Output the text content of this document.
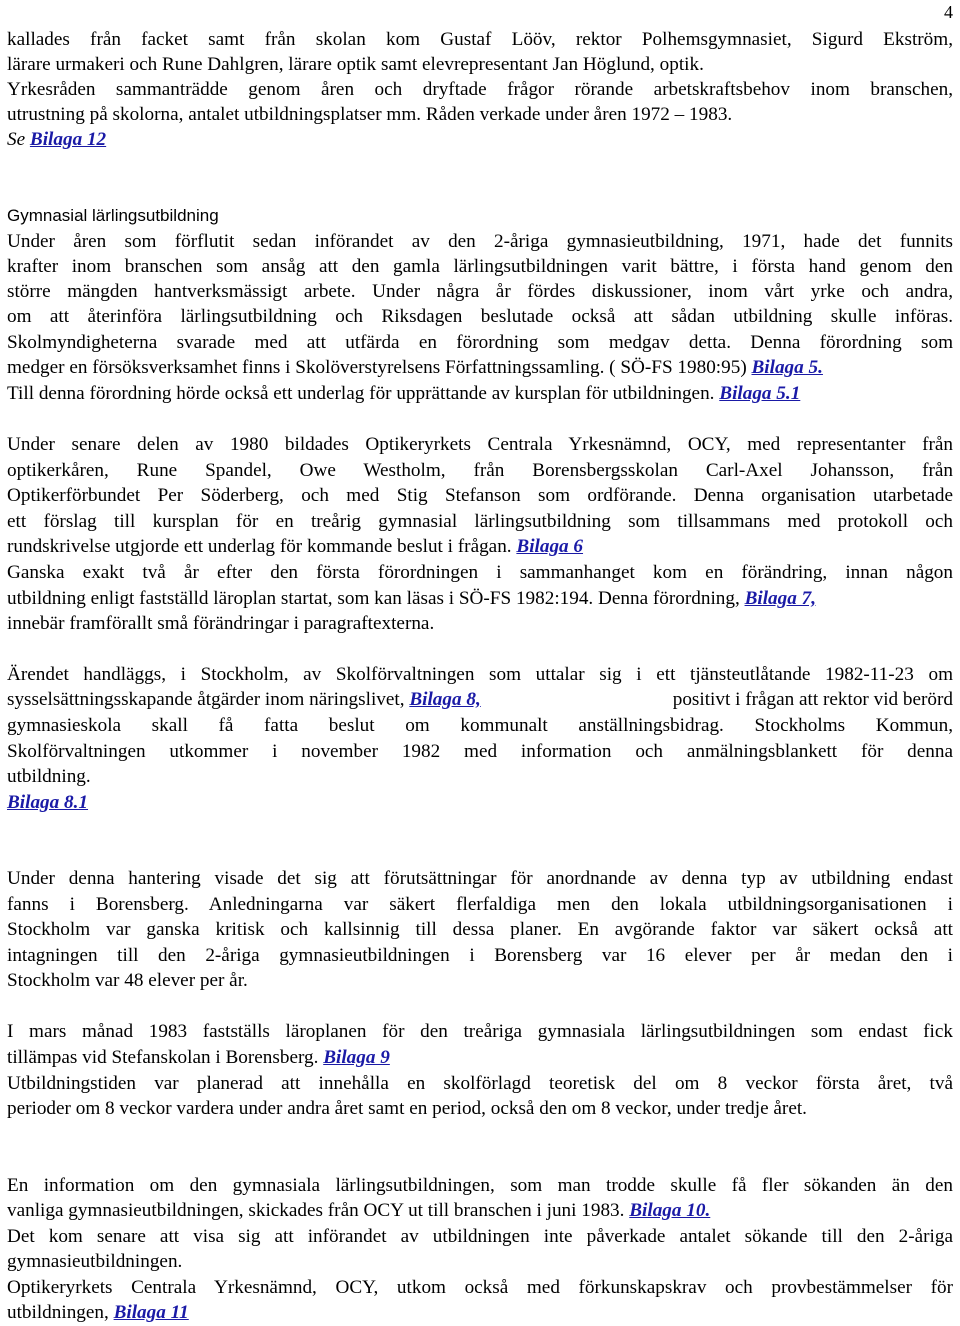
4
kallades från facket samt från skolan kom Gustaf Lööv, rektor Polhemsgymnasiet, Sigurd Ekström,
lärare urmakeri och Rune Dahlgren, lärare optik samt elevrepresentant Jan Höglund, optik.
Yrkesråden sammanträdde genom åren och dryftade frågor rörande arbetskraftsbehov inom branschen,
utrustning på skolorna, antalet utbildningsplatser mm. Råden verkade under åren 1972 – 1983.
Se Bilaga 12
Gymnasial lärlingsutbildning
Under åren som förflutit sedan införandet av den 2-åriga gymnasieutbildning, 1971, hade det funnits
krafter inom branschen som ansåg att den gamla lärlingsutbildningen varit bättre, i första hand genom den
större mängden hantverksmässigt arbete. Under några år fördes diskussioner, inom vårt yrke och andra,
om att återinföra lärlingsutbildning och Riksdagen beslutade också att sådan utbildning skulle införas.
Skolmyndigheterna svarade med att utfärda en förordning som medgav detta. Denna förordning som
medger en försöksverksamhet finns i Skolöverstyrelsens Författningssamling. ( SÖ-FS 1980:95) Bilaga 5.
Till denna förordning hörde också ett underlag för upprättande av kursplan för utbildningen. Bilaga 5.1
Under senare delen av 1980 bildades Optikeryrkets Centrala Yrkesnämnd, OCY, med representanter från
optikerkåren, Rune Spandel, Owe Westholm, från Borensbergsskolan Carl-Axel Johansson, från
Optikerförbundet Per Söderberg, och med Stig Stefanson som ordförande. Denna organisation utarbetade
ett förslag till kursplan för en treårig gymnasial lärlingsutbildning som tillsammans med protokoll och
rundskrivelse utgjorde ett underlag för kommande beslut i frågan. Bilaga 6
Ganska exakt två år efter den första förordningen i sammanhanget kom en förändring, innan någon
utbildning enligt fastställd läroplan startat, som kan läsas i SÖ-FS 1982:194. Denna förordning, Bilaga 7,
innebär framförallt små förändringar i paragraftexterna.
Ärendet handläggs, i Stockholm, av Skolförvaltningen som uttalar sig i ett tjänsteutlåtande 1982-11-23 om
sysselsättningsskapande åtgärder inom näringslivet, Bilaga 8,	positivt i frågan att rektor vid berörd
gymnasieskola skall få fatta beslut om kommunalt anställningsbidrag. Stockholms Kommun,
Skolförvaltningen utkommer i november 1982 med information och anmälningsblankett för denna
utbildning.
Bilaga 8.1
Under denna hantering visade det sig att förutsättningar för anordnande av denna typ av utbildning endast
fanns i Borensberg. Anledningarna var säkert flerfaldiga men den lokala utbildningsorganisationen i
Stockholm var ganska kritisk och kallsinnig till dessa planer. En avgörande faktor var säkert också att
intagningen till den 2-åriga gymnasieutbildningen i Borensberg var 16 elever per år medan den i
Stockholm var 48 elever per år.
I mars månad 1983 fastställs läroplanen för den treåriga gymnasiala lärlingsutbildningen som endast fick
tillämpas vid Stefanskolan i Borensberg. Bilaga 9
Utbildningstiden var planerad att innehålla en skolförlagd teoretisk del om 8 veckor första året, två
perioder om 8 veckor vardera under andra året samt en period, också den om 8 veckor, under tredje året.
En information om den gymnasiala lärlingsutbildningen, som man trodde skulle få fler sökanden än den
vanliga gymnasieutbildningen, skickades från OCY ut till branschen i juni 1983. Bilaga 10.
Det kom senare att visa sig att införandet av utbildningen inte påverkade antalet sökande till den 2-åriga
gymnasieutbildningen.
Optikeryrkets Centrala Yrkesnämnd, OCY, utkom också med förkunskapskrav och provbestämmelser för
utbildningen, Bilaga 11
